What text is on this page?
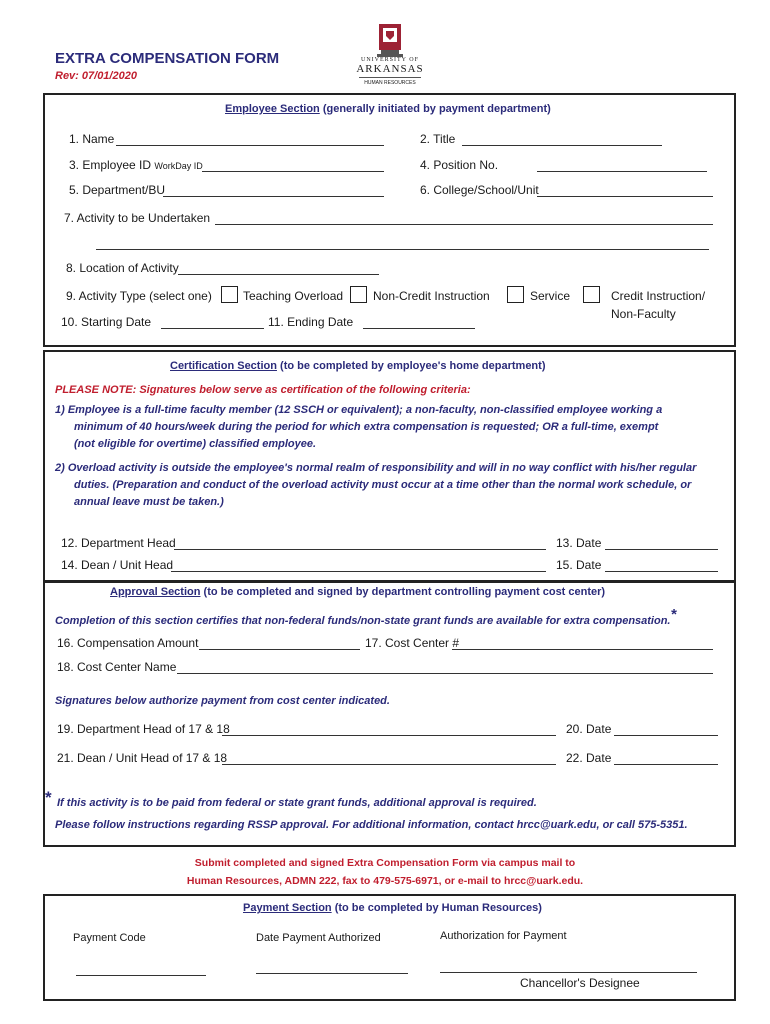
EXTRA COMPENSATION FORM
Rev: 07/01/2020
UNIVERSITY OF
ARKANSAS
HUMAN RESOURCES
Employee Section (generally initiated by payment department)
1. Name	2. Title
3. Employee ID WorkDay ID	4. Position No.
5. Department/BU	6. College/School/Unit
7. Activity to be Undertaken
8. Location of Activity
9. Activity Type (select one)	Teaching Overload Non-Credit Instruction	Service	Credit Instruction/
Non-Faculty
10. Starting Date	11. Ending Date
Certification Section (to be completed by employee's home department)
PLEASE NOTE: Signatures below serve as certification of the following criteria:
1) Employee is a full-time faculty member (12 SSCH or equivalent); a non-faculty, non-classified employee working a
minimum of 40 hours/week during the period for which extra compensation is requested; OR a full-time, exempt
(not eligible for overtime) classified employee.
2) Overload activity is outside the employee's normal realm of responsibility and will in no way conflict with his/her regular
duties. (Preparation and conduct of the overload activity must occur at a time other than the normal work schedule, or
annual leave must be taken.)
12. Department Head	13. Date
14. Dean / Unit Head	15. Date
Approval Section (to be completed and signed by department controlling payment cost center)
Completion of this section certifies that non-federal funds/non-state grant funds are available for extra compensation.*
16. Compensation Amount	17. Cost Center #
18. Cost Center Name
Signatures below authorize payment from cost center indicated.
19. Department Head of 17 & 18	20. Date
21. Dean / Unit Head of 17 & 18	22. Date
* If this activity is to be paid from federal or state grant funds, additional approval is required.
Please follow instructions regarding RSSP approval. For additional information, contact hrcc@uark.edu, or call 575-5351.
Submit completed and signed Extra Compensation Form via campus mail to
Human Resources, ADMN 222, fax to 479-575-6971, or e-mail to hrcc@uark.edu.
Payment Section (to be completed by Human Resources)
Payment Code	Date Payment Authorized	Authorization for Payment
Chancellor's Designee
